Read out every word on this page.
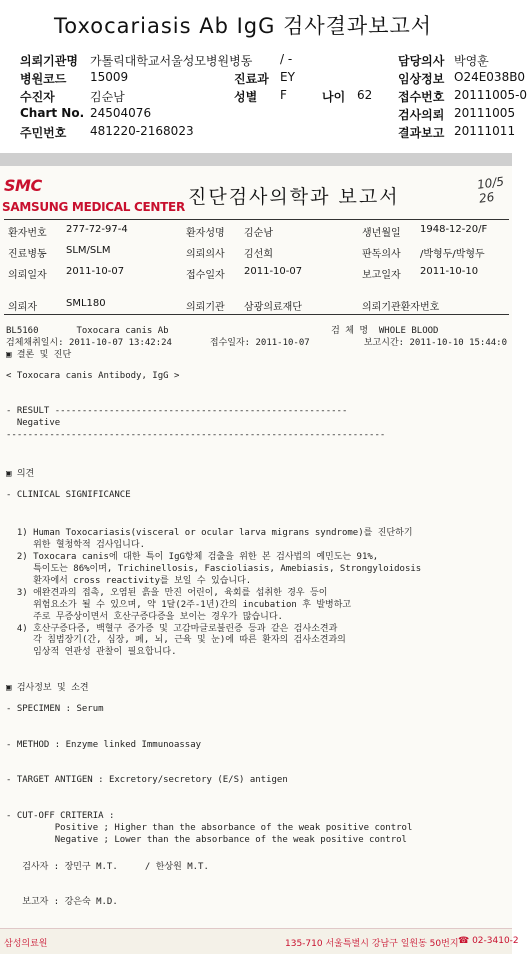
Toxocariasis Ab IgG 검사결과보고서
의뢰기관명 가톨릭대학교서울성모병원병동 / -	담당의사 박영훈
병원코드 15009	진료과 EY	임상정보 O24E038B0
수진자	김순남	성별 F	나이 62 접수번호 20111005-0
Chart No. 24504076	검사의뢰 20111005
주민번호 481220-2168023	결과보고 20111011
SMC
SAMSUNG MEDICAL CENTER 진단검사의학과 보고서
10/5
26
환자번호 277-72-97-4	환자성명 김순남	생년월일 1948-12-20/F
진료병동 SLM/SLM	의뢰의사 김선희	판독의사 /박형두/박형두
의뢰일자 2011-10-07	접수일자 2011-10-07	보고일자 2011-10-10
의뢰자	SML180	의뢰기관 삼광의료재단	의뢰기관환자번호
BL5160       Toxocara canis Ab                              검 체 명  WHOLE BLOOD
검체채취일시: 2011-10-07 13:42:24       접수일자: 2011-10-07          보고시간: 2011-10-10 15:44:0
▣ 결론 및 진단
< Toxocara canis Antibody, IgG >
- RESULT ------------------------------------------------------
Negative
----------------------------------------------------------------------
▣ 의견
- CLINICAL SIGNIFICANCE
1) Human Toxocariasis(visceral or ocular larva migrans syndrome)를 진단하기
위한 혈청학적 검사입니다.
2) Toxocara canis에 대한 특이 IgG항체 검출을 위한 본 검사법의 예민도는 91%,
특이도는 86%이며, Trichinellosis, Fascioliasis, Amebiasis, Strongyloidosis
환자에서 cross reactivity를 보일 수 있습니다.
3) 애완견과의 접촉, 오염된 흙을 만진 어린이, 육회를 섭취한 경우 등이
위험요소가 될 수 있으며, 약 1달(2주-1년)간의 incubation 후 발병하고
주로 무증상이면서 호산구증다증을 보이는 경우가 많습니다.
4) 호산구증다증, 백혈구 증가증 및 고감마글로불린증 등과 같은 검사소견과
각 침범장기(간, 심장, 폐, 뇌, 근육 및 눈)에 따른 환자의 검사소견과의
임상적 연관성 관찰이 필요합니다.
▣ 검사정보 및 소견
- SPECIMEN : Serum
- METHOD : Enzyme linked Immunoassay
- TARGET ANTIGEN : Excretory/secretory (E/S) antigen
- CUT-OFF CRITERIA :
Positive ; Higher than the absorbance of the weak positive control
Negative ; Lower than the absorbance of the weak positive control
검사자 : 장민구 M.T.     / 한상원 M.T.
보고자 : 강은숙 M.D.
삼성의료원	135-710 서울특별시 강남구 일원동 50번지 ☎ 02-3410-2
